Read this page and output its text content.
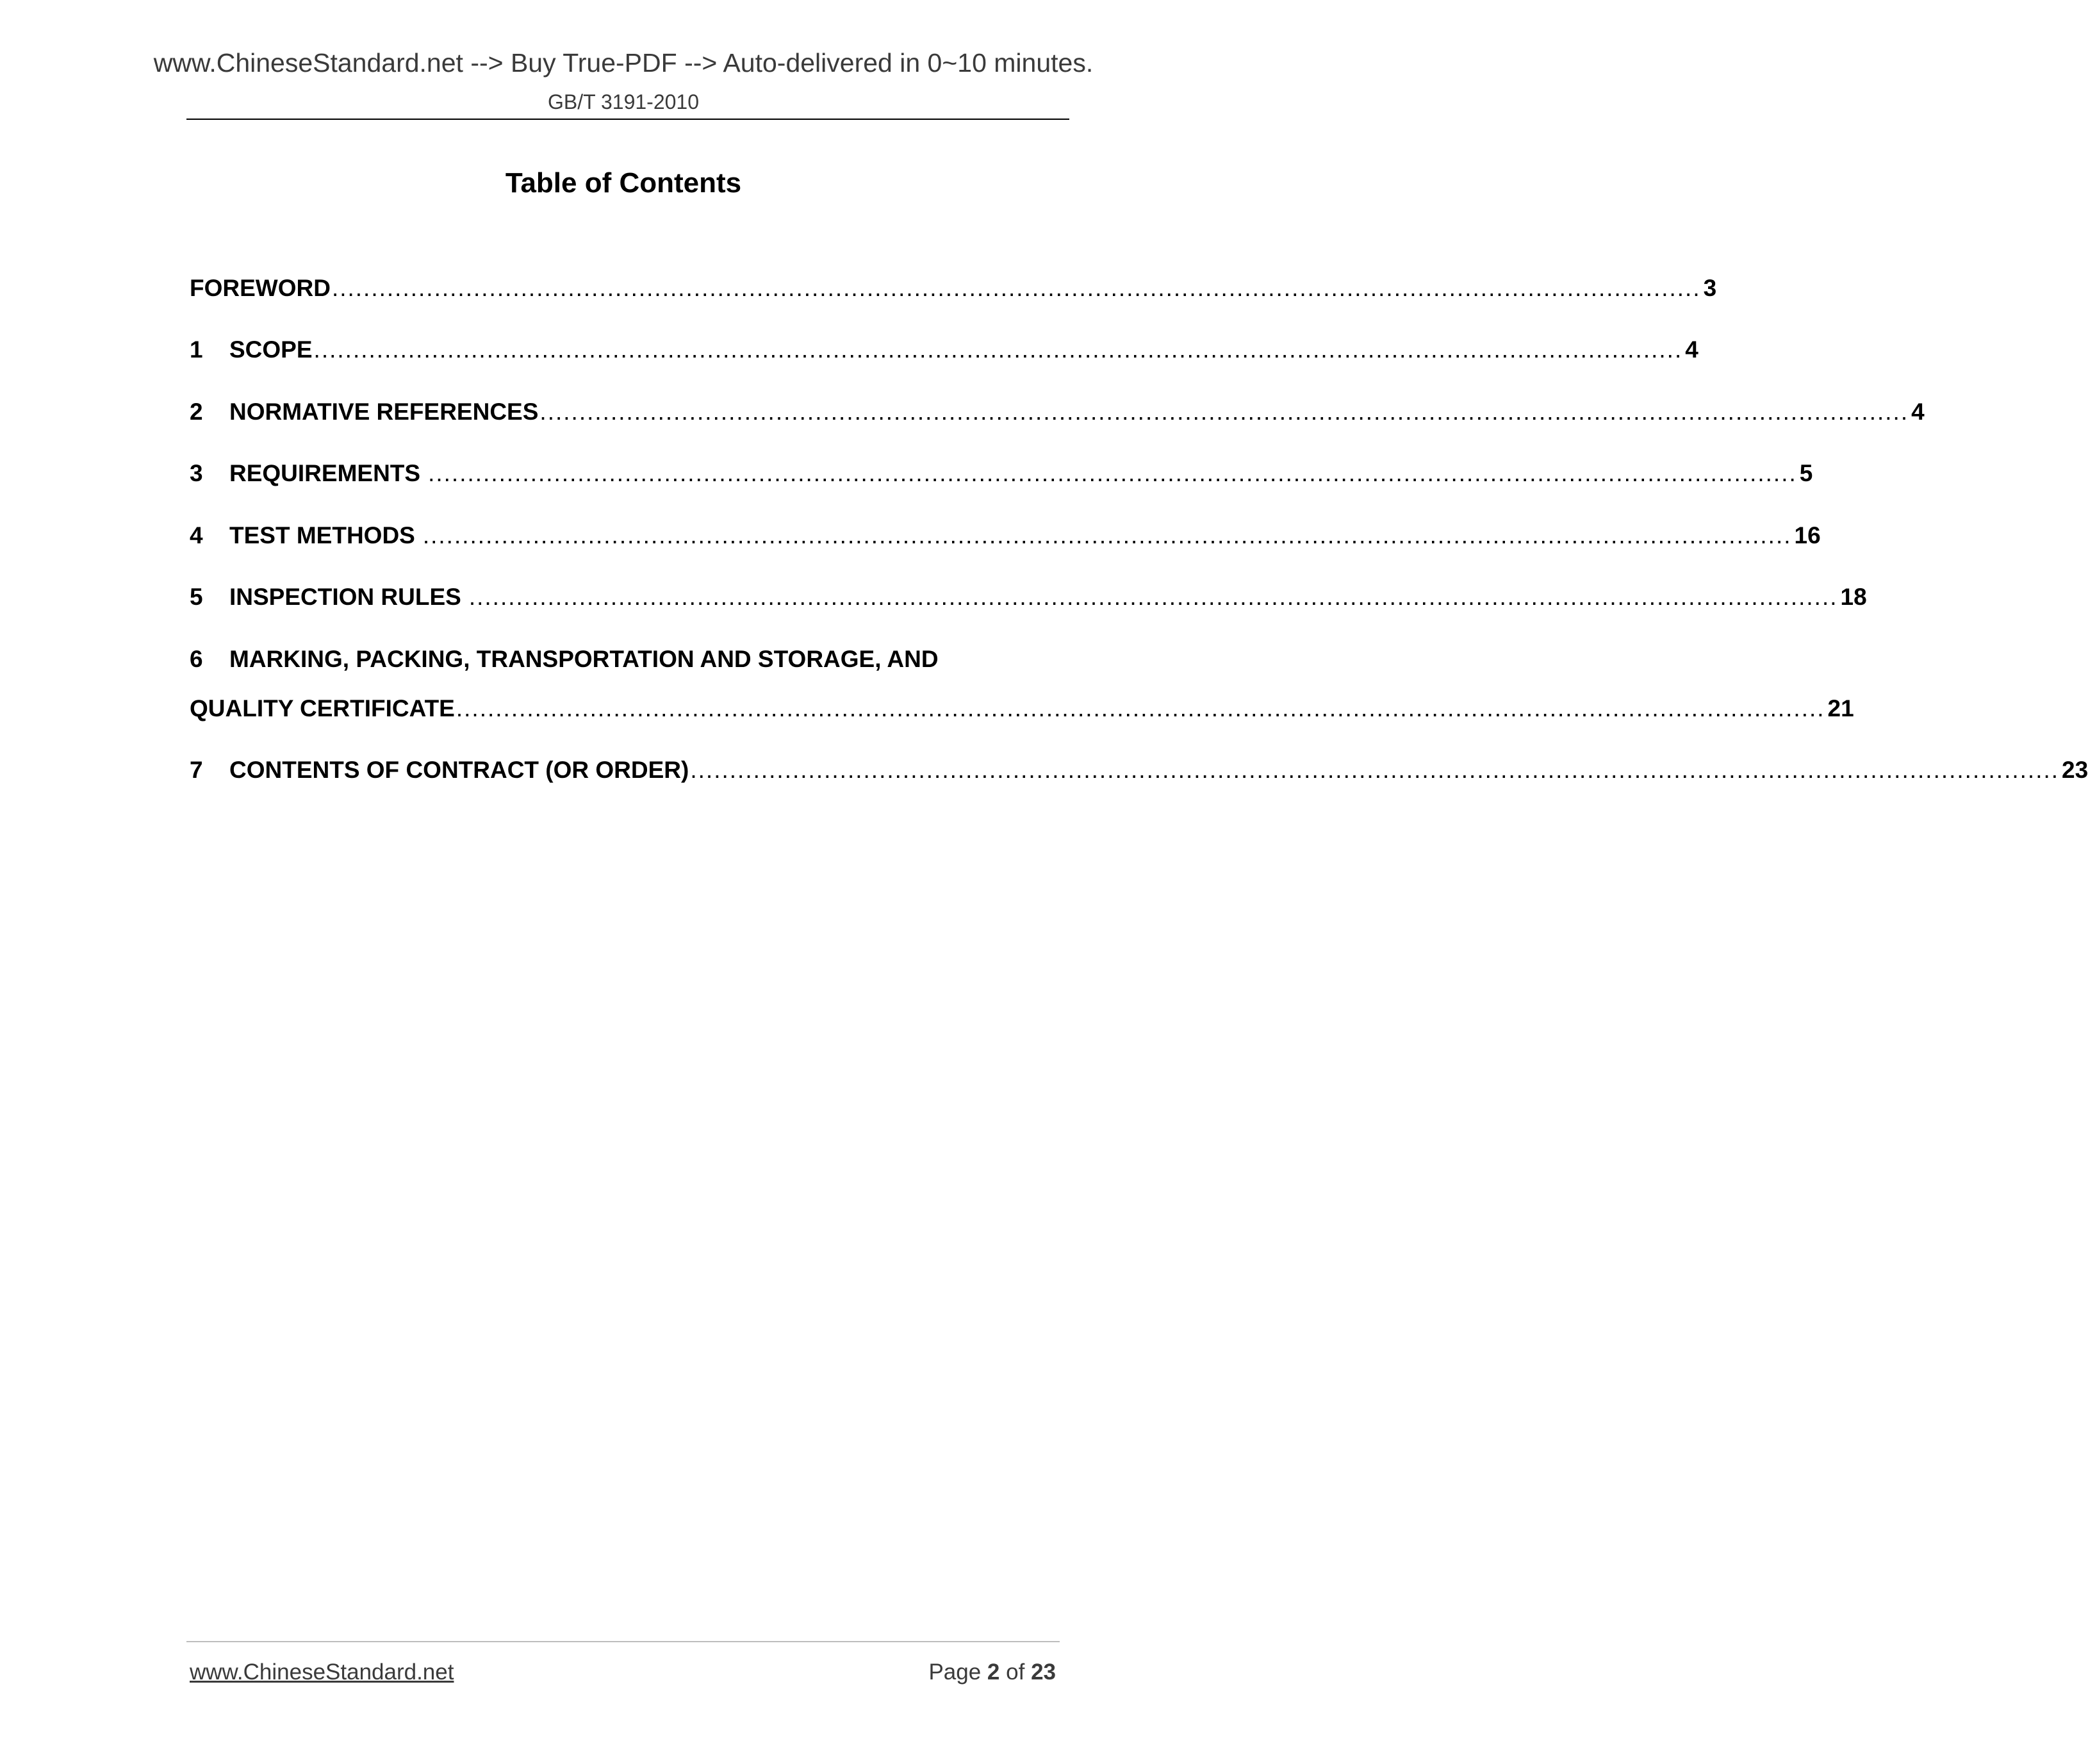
www.ChineseStandard.net --> Buy True-PDF --> Auto-delivered in 0~10 minutes.
GB/T 3191-2010
Table of Contents
FOREWORD .............................................................................................................................................................................. 3
1	SCOPE .............................................................................................................................................................................. 4
2	NORMATIVE REFERENCES .............................................................................................................................................................................. 4
3	REQUIREMENTS .............................................................................................................................................................................. 5
4	TEST METHODS .............................................................................................................................................................................. 16
5	INSPECTION RULES .............................................................................................................................................................................. 18
6 MARKING, PACKING, TRANSPORTATION AND STORAGE, AND
QUALITY CERTIFICATE .............................................................................................................................................................................. 21
7	CONTENTS OF CONTRACT (OR ORDER) .............................................................................................................................................................................. 23
www.ChineseStandard.net	Page 2 of 23
